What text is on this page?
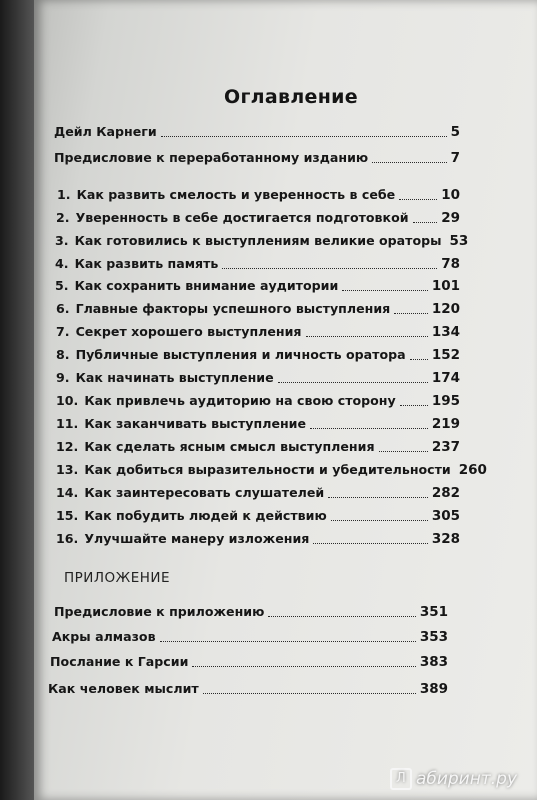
Оглавление
Дейл Карнеги	5
Предисловие к переработанному изданию	7
1. Как развить смелость и уверенность в себе	10
2. Уверенность в себе достигается подготовкой 29
3. Как готовились к выступлениям великие ораторы 53
4. Как развить память	78
5. Как сохранить внимание аудитории	101
6. Главные факторы успешного выступления	120
7. Секрет хорошего выступления	134
8. Публичные выступления и личность оратора 152
9. Как начинать выступление	174
10. Как привлечь аудиторию на свою сторону	195
11. Как заканчивать выступление	219
12. Как сделать ясным смысл выступления	237
13. Как добиться выразительности и убедительности 260
14. Как заинтересовать слушателей	282
15. Как побудить людей к действию	305
16. Улучшайте манеру изложения	328
Предисловие к приложению	351
Акры алмазов	353
Послание к Гарсии	383
Как человек мыслит	389
ПРИЛОЖЕНИЕ
Л абиринт.ру
